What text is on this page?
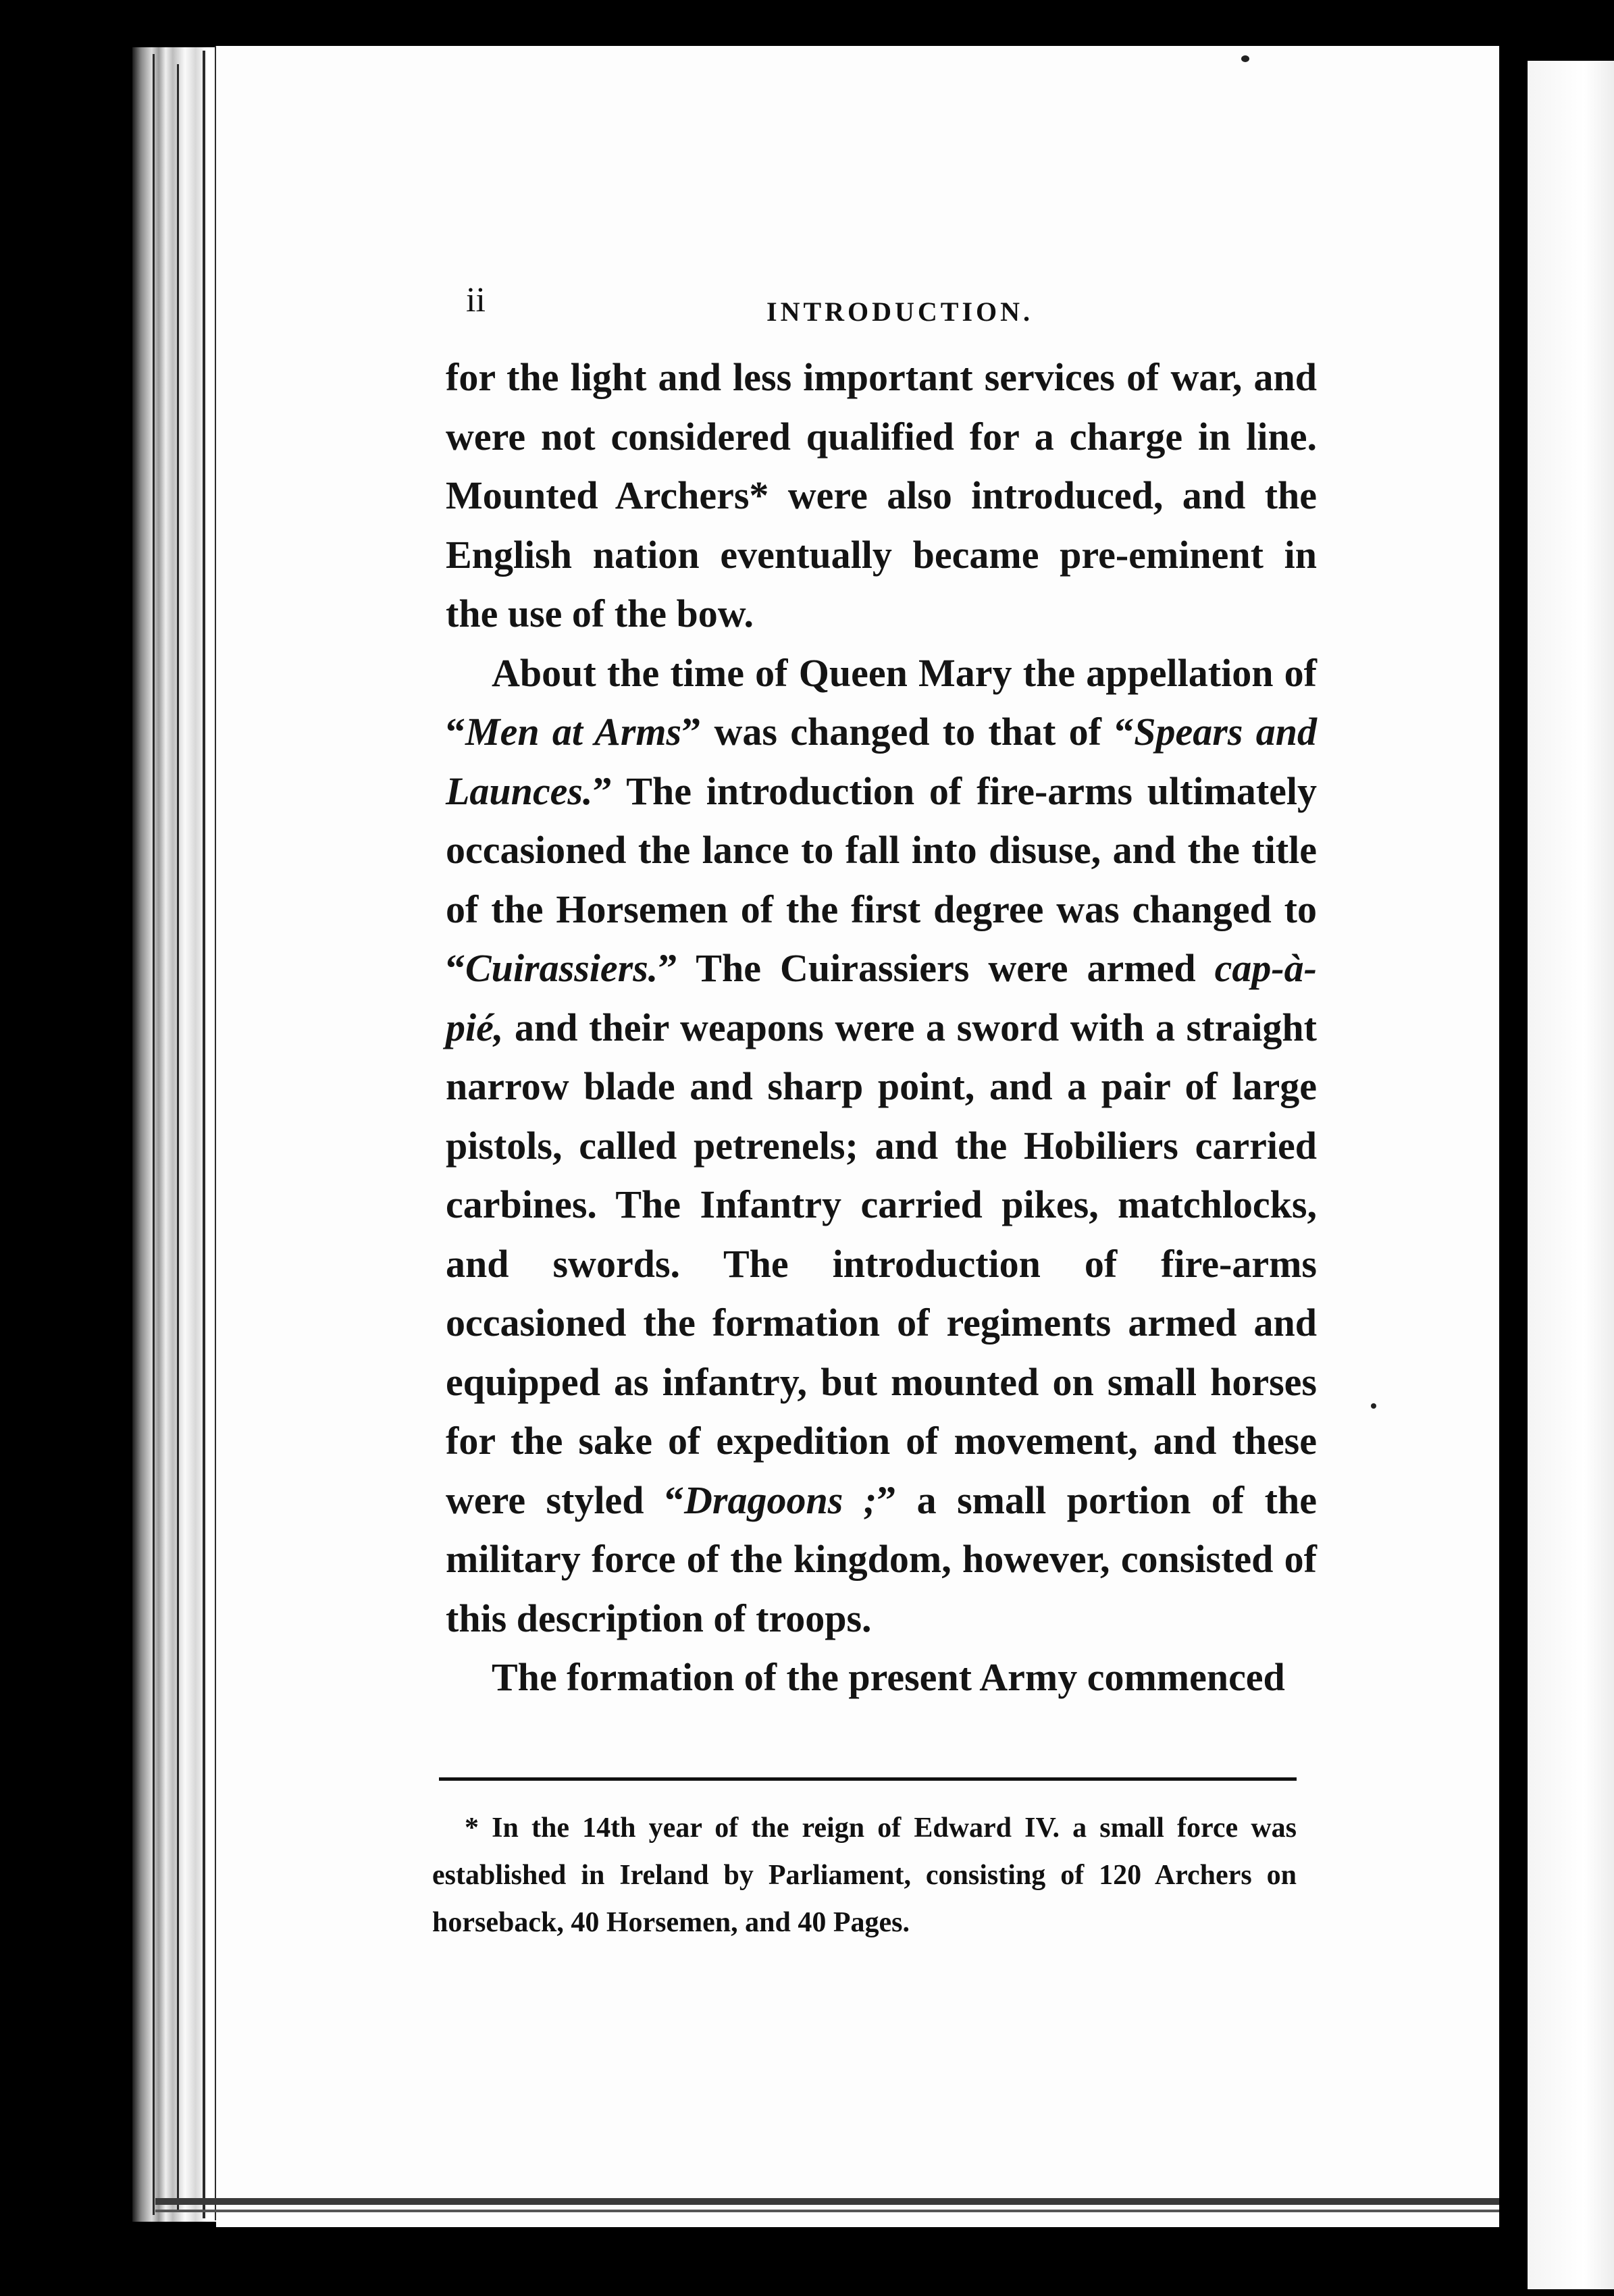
ii	INTRODUCTION.

for the light and less important services of war, and were not considered qualified for a charge in line. Mounted Archers* were also introduced, and the English nation eventually became pre-eminent in the use of the bow.

About the time of Queen Mary the appellation of “Men at Arms” was changed to that of “Spears and Launces.” The introduction of fire-arms ultimately occasioned the lance to fall into disuse, and the title of the Horsemen of the first degree was changed to “Cuirassiers.” The Cuirassiers were armed cap-à-pié, and their weapons were a sword with a straight narrow blade and sharp point, and a pair of large pistols, called petrenels; and the Hobiliers carried carbines. The Infantry carried pikes, matchlocks, and swords. The introduction of fire-arms occasioned the formation of regiments armed and equipped as infantry, but mounted on small horses for the sake of expedition of movement, and these were styled “Dragoons ;” a small portion of the military force of the kingdom, however, consisted of this description of troops.

The formation of the present Army commenced

* In the 14th year of the reign of Edward IV. a small force was established in Ireland by Parliament, consisting of 120 Archers on horseback, 40 Horsemen, and 40 Pages.
